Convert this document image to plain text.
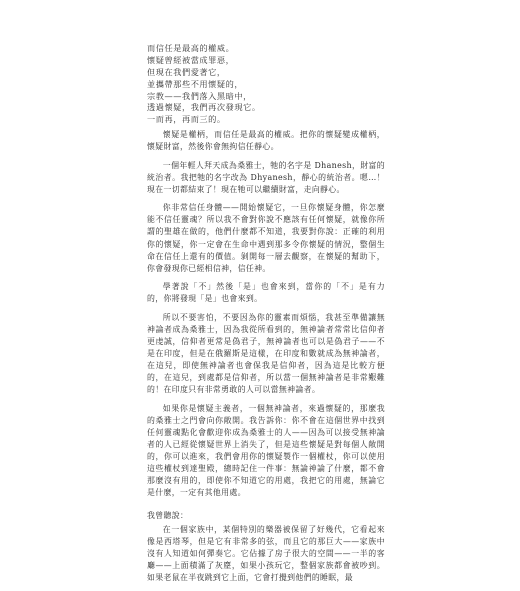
而信任是最高的權威。
懷疑曾經被當成罪惡，
但現在我們愛著它，
並攜帶那些不用懷疑的，
宗教——我們落入黑暗中，
透過懷疑，我們再次發現它。
一而再，再而三的。

懷疑是權柄，而信任是最高的權威。把你的懷疑變成權柄，懷疑財富，然後你會無拘信任靜心。

一個年輕人拜天成為桑雅士，牠的名字是 Dhanesh，財富的統治者。我把牠的名字改為 Dhyanesh，靜心的統治者。嗯…！現在一切都結束了！現在牠可以繼續財富，走向靜心。

你非常信任身體——開始懷疑它，一旦你懷疑身體，你怎麼能不信任靈魂？所以我不會對你說不應該有任何懷疑，就像你所謂的聖雄在做的，他們什麼都不知道，我要對你說：正確的利用你的懷疑，你一定會在生命中遇到那多令你懷疑的情況，整個生命在信任上還有的價值。剝開每一層去觀察，在懷疑的幫助下，你會發現你已經相信神，信任神。

學著說「不」然後「是」也會來到，當你的「不」是有力的，你將發現「是」也會來到。

所以不要害怕，不要因為你的靈素而煩惱，我甚至準備讓無神論者成為桑雅士，因為我從所看到的，無神論者常常比信仰者更虔誠，信仰者更常是偽君子，無神論者也可以是偽君子——不是在印度，但是在俄羅斯是這樣，在印度和數就成為無神論者，在這兒，即使無神論者也會保我是信仰者，因為這是比較方便的，在這兒，到處都是信仰者，所以當一個無神論者是非常艱難的！在印度只有非常勇敢的人可以當無神論者。

如果你是懷疑主義者，一個無神論者，來過懷疑的，那麼我的桑雅士之門會向你敞開。我告訴你：你不會在這個世界中找到任何靈魂點化會歡迎你成為桑雅士的人——因為可以接受無神論者的人已經從懷疑世界上消失了，但是這些懷疑是對每個人敞開的，你可以進來，我們會用你的懷疑製作一個權杖，你可以使用這些權杖到達聖殿，總時記住一件事：無論神論了什麼，都不會那麼沒有用的，即使你不知道它的用處，我把它的用處，無論它是什麼，一定有其他用處。

我曾聽說：

在一個家族中，某個特別的樂器被保留了好幾代，它看起來像是西塔琴，但是它有非常多的弦，而且它的那巨大——家族中沒有人知道如何彈奏它。它佔據了房子很大的空間——一半的客廳——上面積滿了灰塵，如果小孩玩它，整個家族都會被吵到。如果老鼠在半夜跳到它上面，它會打攪到他們的睡眠，最
